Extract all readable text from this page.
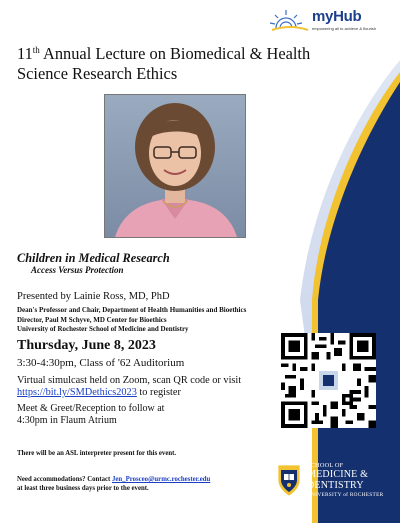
myHub
empowering all to achieve & flourish
11th Annual Lecture on Biomedical & Health Science Research Ethics
Children in Medical Research
Access Versus Protection
Presented by Lainie Ross, MD, PhD
Dean's Professor and Chair, Department of Health Humanities and Bioethics
Director, Paul M Schyve, MD Center for Bioethics
University of Rochester School of Medicine and Dentistry
Thursday, June 8, 2023
3:30-4:30pm, Class of '62 Auditorium
Virtual simulcast held on Zoom, scan QR code or visit https://bit.ly/SMDethics2023 to register
Meet & Greet/Reception to follow at
4:30pm in Flaum Atrium
There will be an ASL interpreter present for this event.
Need accommodations? Contact Jen_Prosceo@urmc.rochester.edu
at least three business days prior to the event.
SCHOOL OF
MEDICINE &
DENTISTRY
UNIVERSITY of ROCHESTER
